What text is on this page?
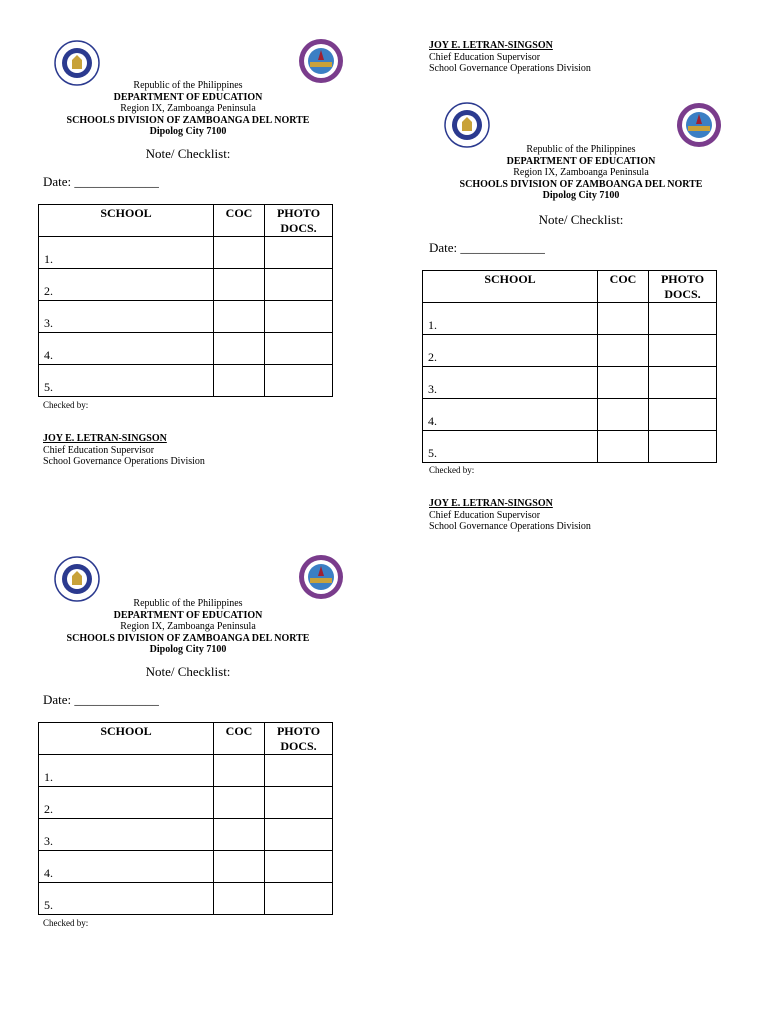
JOY E. LETRAN-SINGSON
Chief Education Supervisor
School Governance Operations Division
Republic of the Philippines
DEPARTMENT OF EDUCATION
Region IX, Zamboanga Peninsula
SCHOOLS DIVISION OF ZAMBOANGA DEL NORTE
Dipolog City 7100
Note/ Checklist:
Date: _____________
SCHOOL	COC	PHOTO
DOCS.
1.		
2.		
3.		
4.		
5.		
Checked by:
JOY E. LETRAN-SINGSON
Chief Education Supervisor
School Governance Operations Division
Republic of the Philippines
DEPARTMENT OF EDUCATION
Region IX, Zamboanga Peninsula
SCHOOLS DIVISION OF ZAMBOANGA DEL NORTE
Dipolog City 7100
Note/ Checklist:
Date: _____________
SCHOOL	COC	PHOTO
DOCS.
1.		
2.		
3.		
4.		
5.		
Checked by:
JOY E. LETRAN-SINGSON
Chief Education Supervisor
School Governance Operations Division
Republic of the Philippines
DEPARTMENT OF EDUCATION
Region IX, Zamboanga Peninsula
SCHOOLS DIVISION OF ZAMBOANGA DEL NORTE
Dipolog City 7100
Note/ Checklist:
Date: _____________
SCHOOL	COC	PHOTO
DOCS.
1.		
2.		
3.		
4.		
5.		
Checked by:
